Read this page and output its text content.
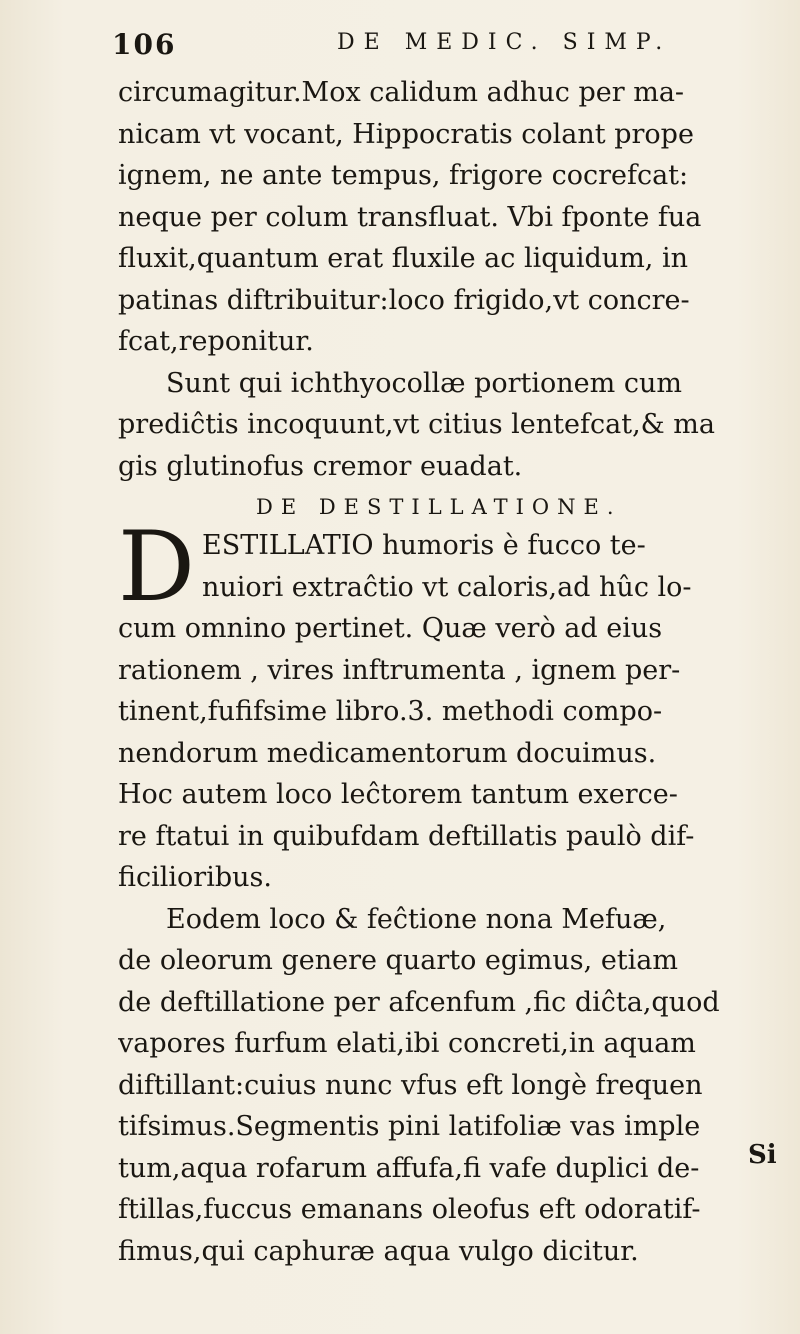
106	DE MEDIC. SIMP.
circumagitur.Mox calidum adhuc per ma-
nicam vt vocant, Hippocratis colant prope
ignem, ne ante tempus, frigore cocrefcat:
neque per colum transfluat. Vbi fponte fua
fluxit,quantum erat fluxile ac liquidum, in
patinas diftribuitur:loco frigido,vt concre-
fcat,reponitur.
Sunt qui ichthyocollæ portionem cum
prediĉtis incoquunt,vt citius lentefcat,& ma
gis glutinofus cremor euadat.
DE DESTILLATIONE.
D ESTILLATIO humoris è fucco te-
nuiori extraĉtio vt caloris,ad hûc lo-
cum omnino pertinet. Quæ verò ad eius
rationem , vires inftrumenta , ignem per-
tinent,fufifsime libro.3. methodi compo-
nendorum medicamentorum docuimus.
Hoc autem loco leĉtorem tantum exerce-
re ftatui in quibufdam deftillatis paulò dif-
ficilioribus.
Eodem loco & feĉtione nona Mefuæ,
de oleorum genere quarto egimus, etiam
de deftillatione per afcenfum ,fic diĉta,quod
vapores furfum elati,ibi concreti,in aquam
diftillant:cuius nunc vfus eft longè frequen
tifsimus.Segmentis pini latifoliæ vas imple
tum,aqua rofarum affufa,fi vafe duplici de-
ftillas,fuccus emanans oleofus eft odoratif-
fimus,qui caphuræ aqua vulgo dicitur.
Si
